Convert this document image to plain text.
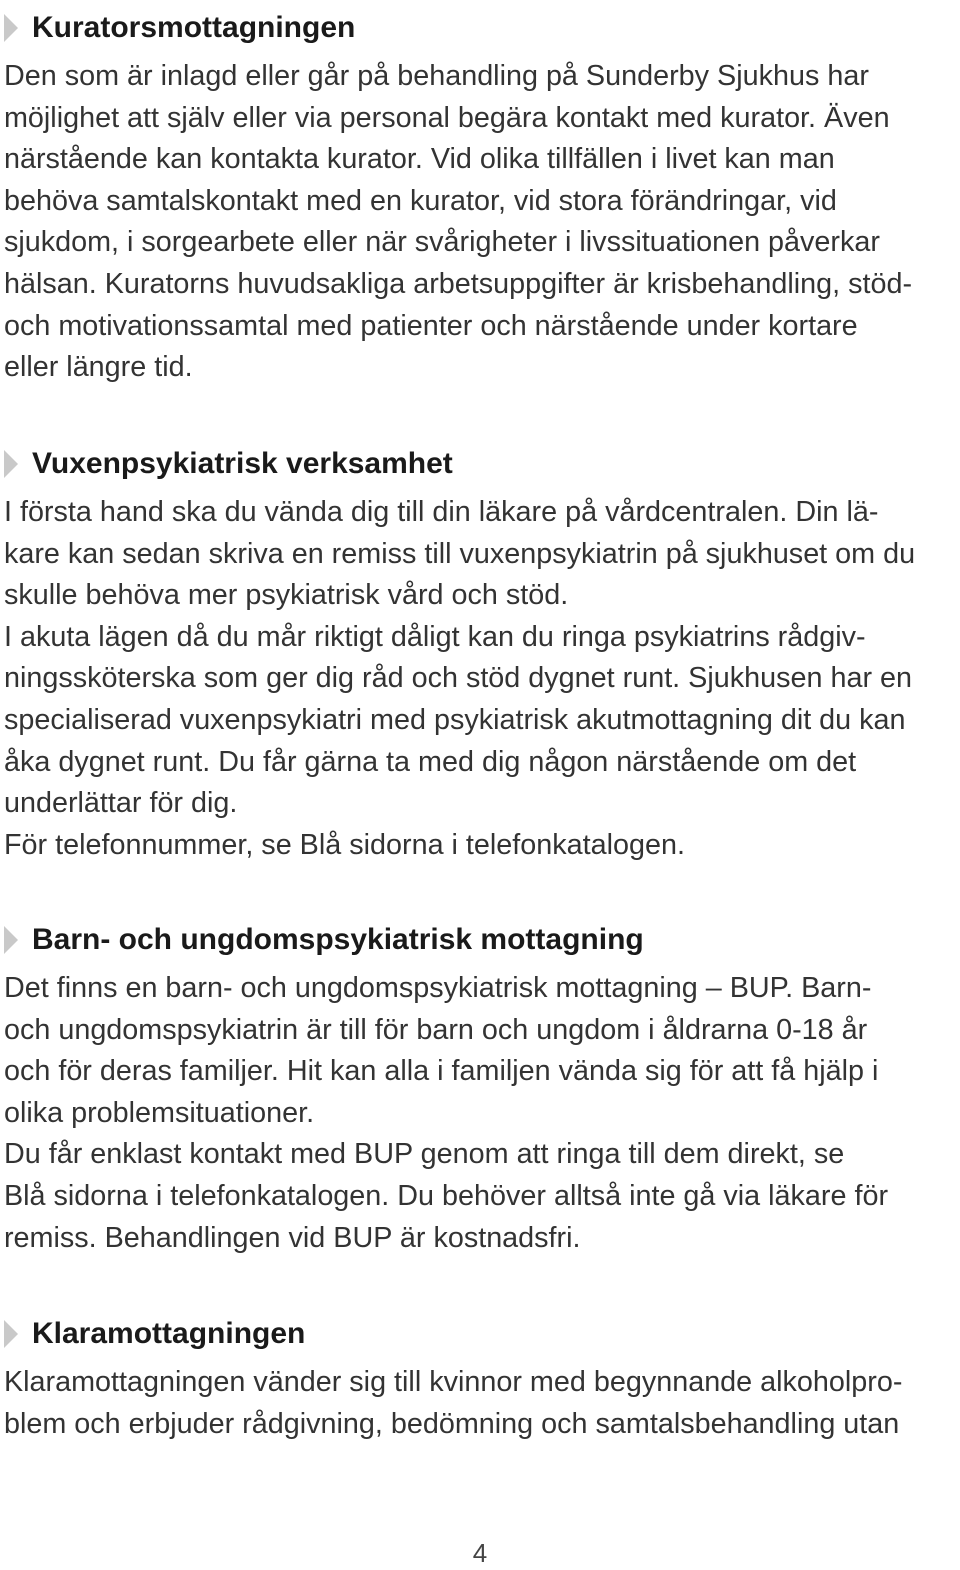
Kuratorsmottagningen
Den som är inlagd eller går på behandling på Sunderby Sjukhus har
möjlighet att själv eller via personal begära kontakt med kurator. Även
närstående kan kontakta kurator. Vid olika tillfällen i livet kan man
behöva samtalskontakt med en kurator, vid stora förändringar, vid
sjukdom, i sorgearbete eller när svårigheter i livssituationen påverkar
hälsan. Kuratorns huvudsakliga arbetsuppgifter är krisbehandling, stöd-
och motivationssamtal med patienter och närstående under kortare
eller längre tid.
Vuxenpsykiatrisk verksamhet
I första hand ska du vända dig till din läkare på vårdcentralen. Din lä-
kare kan sedan skriva en remiss till vuxenpsykiatrin på sjukhuset om du
skulle behöva mer psykiatrisk vård och stöd.
I akuta lägen då du mår riktigt dåligt kan du ringa psykiatrins rådgiv-
ningssköterska som ger dig råd och stöd dygnet runt. Sjukhusen har en
specialiserad vuxenpsykiatri med psykiatrisk akutmottagning dit du kan
åka dygnet runt. Du får gärna ta med dig någon närstående om det
underlättar för dig.
För telefonnummer, se Blå sidorna i telefonkatalogen.
Barn- och ungdomspsykiatrisk mottagning
Det finns en barn- och ungdomspsykiatrisk mottagning – BUP. Barn-
och ungdomspsykiatrin är till för barn och ungdom i åldrarna 0-18 år
och för deras familjer. Hit kan alla i familjen vända sig för att få hjälp i
olika problemsituationer.
Du får enklast kontakt med BUP genom att ringa till dem direkt, se
Blå sidorna i telefonkatalogen. Du behöver alltså inte gå via läkare för
remiss. Behandlingen vid BUP är kostnadsfri.
Klaramottagningen
Klaramottagningen vänder sig till kvinnor med begynnande alkoholpro-
blem och erbjuder rådgivning, bedömning och samtalsbehandling utan
4
